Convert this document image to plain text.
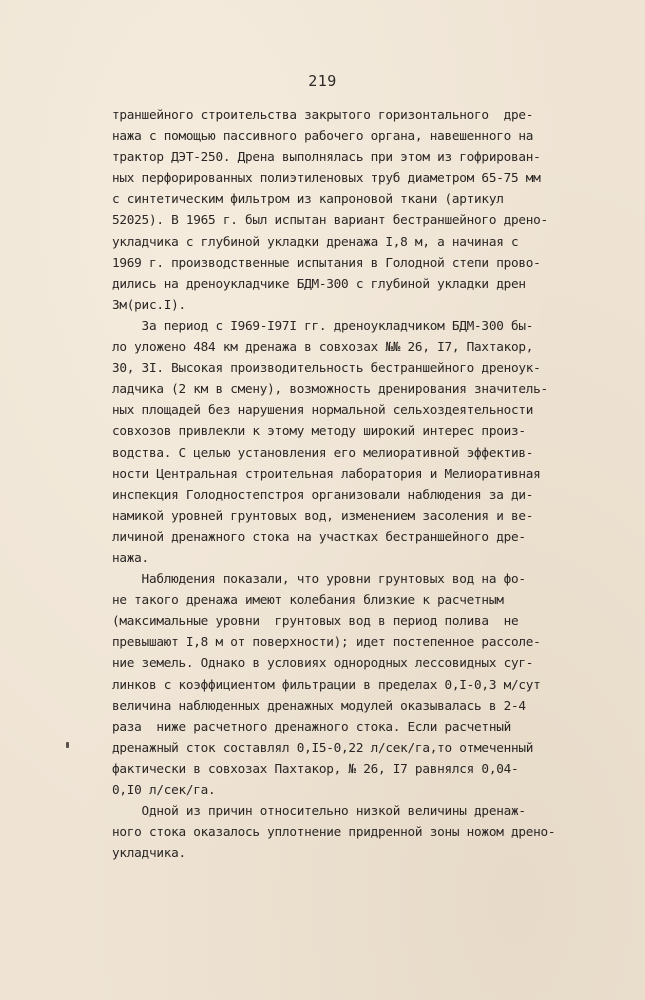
219
траншейного строительства закрытого горизонтального  дре-
нажа с помощью пассивного рабочего органа, навешенного на
трактор ДЭТ-250. Дрена выполнялась при этом из гофрирован-
ных перфорированных полиэтиленовых труб диаметром 65-75 мм
с синтетическим фильтром из капроновой ткани (артикул
52025). В 1965 г. был испытан вариант бестраншейного дрено-
укладчика с глубиной укладки дренажа I,8 м, а начиная с
1969 г. производственные испытания в Голодной степи прово-
дились на дреноукладчике БДМ-300 с глубиной укладки дрен
3м(рис.I).
За период с I969-I97I гг. дреноукладчиком БДМ-300 бы-
ло уложено 484 км дренажа в совхозах №№ 26, I7, Пахтакор,
30, 3I. Высокая производительность бестраншейного дреноук-
ладчика (2 км в смену), возможность дренирования значитель-
ных площадей без нарушения нормальной сельхоздеятельности
совхозов привлекли к этому методу широкий интерес произ-
водства. С целью установления его мелиоративной эффектив-
ности Центральная строительная лаборатория и Мелиоративная
инспекция Голодностепстроя организовали наблюдения за ди-
намикой уровней грунтовых вод, изменением засоления и ве-
личиной дренажного стока на участках бестраншейного дре-
нажа.
Наблюдения показали, что уровни грунтовых вод на фо-
не такого дренажа имеют колебания близкие к расчетным
(максимальные уровни  грунтовых вод в период полива  не
превышают I,8 м от поверхности); идет постепенное рассоле-
ние земель. Однако в условиях однородных лессовидных суг-
линков с коэффициентом фильтрации в пределах 0,I-0,3 м/сут
величина наблюденных дренажных модулей оказывалась в 2-4
раза  ниже расчетного дренажного стока. Если расчетный
дренажный сток составлял 0,I5-0,22 л/сек/га,то отмеченный
фактически в совхозах Пахтакор, № 26, I7 равнялся 0,04-
0,I0 л/сек/га.
Одной из причин относительно низкой величины дренаж-
ного стока оказалось уплотнение придренной зоны ножом дрено-
укладчика.
